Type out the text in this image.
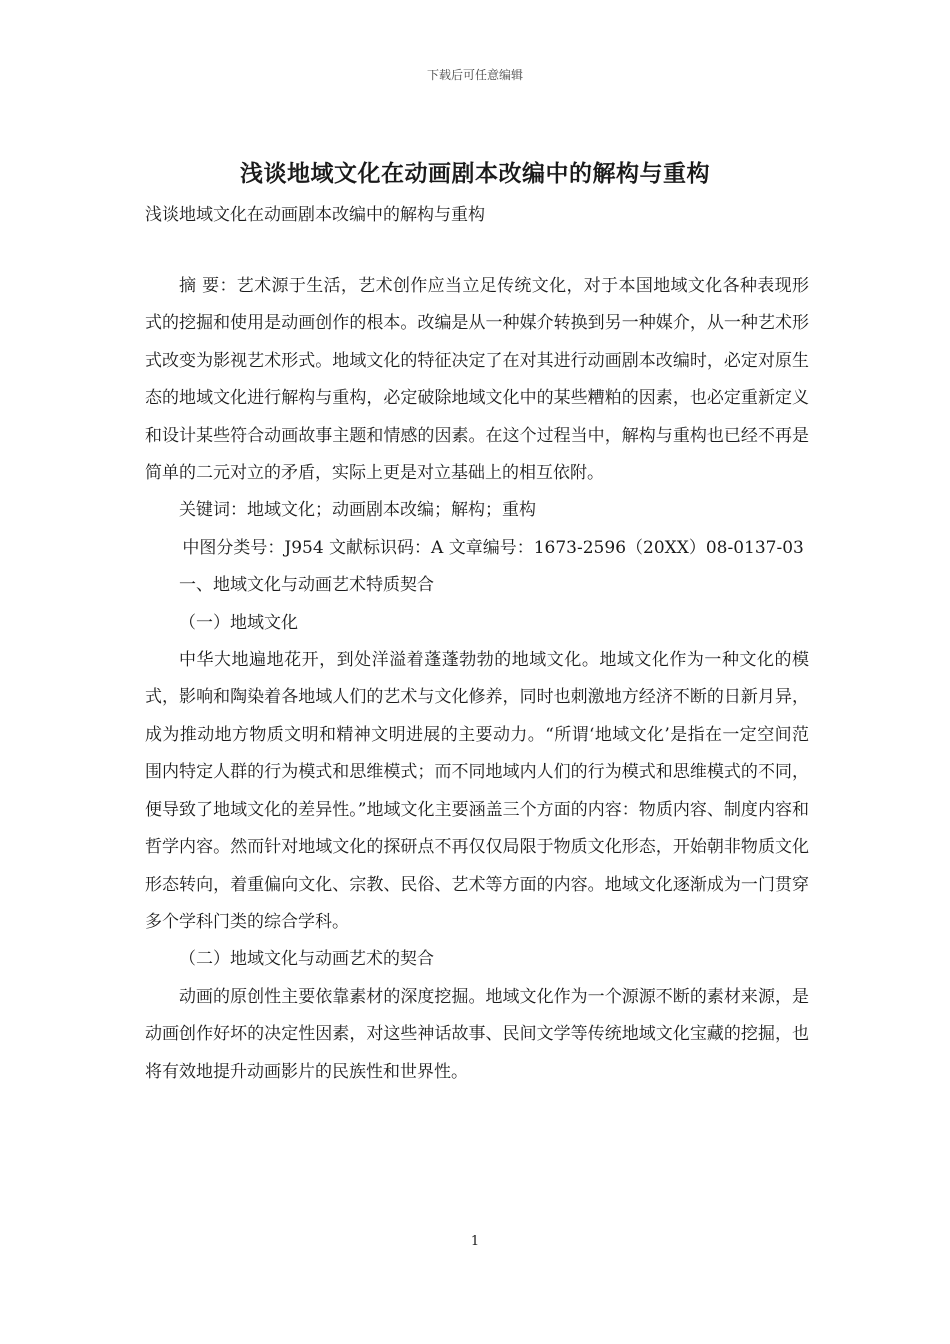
下载后可任意编辑
浅谈地域文化在动画剧本改编中的解构与重构
浅谈地域文化在动画剧本改编中的解构与重构

摘 要：艺术源于生活，艺术创作应当立足传统文化，对于本国地域文化各种表现形式的挖掘和使用是动画创作的根本。改编是从一种媒介转换到另一种媒介，从一种艺术形式改变为影视艺术形式。地域文化的特征决定了在对其进行动画剧本改编时，必定对原生态的地域文化进行解构与重构，必定破除地域文化中的某些糟粕的因素，也必定重新定义和设计某些符合动画故事主题和情感的因素。在这个过程当中，解构与重构也已经不再是简单的二元对立的矛盾，实际上更是对立基础上的相互依附。

关键词：地域文化；动画剧本改编；解构；重构

中图分类号：J954 文献标识码：A 文章编号：1673-2596（20XX）08-0137-03

一、地域文化与动画艺术特质契合

（一）地域文化

中华大地遍地花开，到处洋溢着蓬蓬勃勃的地域文化。地域文化作为一种文化的模式，影响和陶染着各地域人们的艺术与文化修养，同时也刺激地方经济不断的日新月异，成为推动地方物质文明和精神文明进展的主要动力。“所谓‘地域文化’是指在一定空间范围内特定人群的行为模式和思维模式；而不同地域内人们的行为模式和思维模式的不同，便导致了地域文化的差异性。”地域文化主要涵盖三个方面的内容：物质内容、制度内容和哲学内容。然而针对地域文化的探研点不再仅仅局限于物质文化形态，开始朝非物质文化形态转向，着重偏向文化、宗教、民俗、艺术等方面的内容。地域文化逐渐成为一门贯穿多个学科门类的综合学科。

（二）地域文化与动画艺术的契合

动画的原创性主要依靠素材的深度挖掘。地域文化作为一个源源不断的素材来源，是动画创作好坏的决定性因素，对这些神话故事、民间文学等传统地域文化宝藏的挖掘，也将有效地提升动画影片的民族性和世界性。

1
